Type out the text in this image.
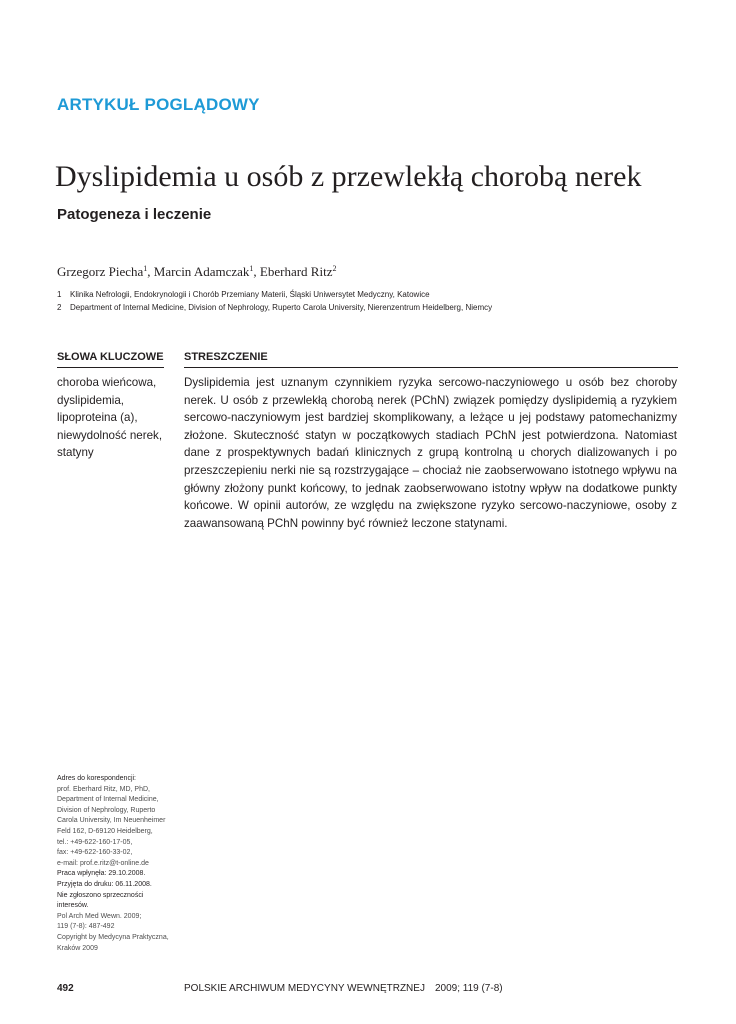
ARTYKUŁ POGLĄDOWY
Dyslipidemia u osób z przewlekłą chorobą nerek
Patogeneza i leczenie
Grzegorz Piecha$^1$, Marcin Adamczak$^1$, Eberhard Ritz$^2$
1 Klinika Nefrologii, Endokrynologii i Chorób Przemiany Materii, Śląski Uniwersytet Medyczny, Katowice
2 Department of Internal Medicine, Division of Nephrology, Ruperto Carola University, Nierenzentrum Heidelberg, Niemcy
SŁOWA KLUCZOWE STRESZCZENIE
choroba wieńcowa,
dyslipidemia,
lipoproteina (a),
niewydolność nerek,
statyny

Dyslipidemia jest uznanym czynnikiem ryzyka sercowo-naczyniowego u osób bez choroby nerek. U osób z przewlekłą chorobą nerek (PChN) związek pomiędzy dyslipidemią a ryzykiem sercowo-naczyniowym jest bardziej skomplikowany, a leżące u jej podstawy patomechanizmy złożone. Skuteczność statyn w początkowych stadiach PChN jest potwierdzona. Natomiast dane z prospektywnych badań klinicznych z grupą kontrolną u chorych dializowanych i po przeszczepieniu nerki nie są rozstrzygające – chociaż nie zaobserwowano istotnego wpływu na główny złożony punkt końcowy, to jednak zaobserwowano istotny wpływ na dodatkowe punkty końcowe. W opinii autorów, ze względu na zwiększone ryzyko sercowo-naczyniowe, osoby z zaawansowaną PChN powinny być również leczone statynami.

Adres do korespondencji:
prof. Eberhard Ritz, MD, PhD,
Department of Internal Medicine,
Division of Nephrology, Ruperto
Carola University, Im Neuenheimer
Feld 162, D-69120 Heidelberg,
tel.: +49-622-160-17-05,
fax: +49-622-160-33-02,
e-mail: prof.e.ritz@t-online.de
Praca wpłynęła: 29.10.2008.
Przyjęta do druku: 06.11.2008.
Nie zgłoszono sprzeczności
interesów.
Pol Arch Med Wewn. 2009;
119 (7-8): 487-492
Copyright by Medycyna Praktyczna,
Kraków 2009
492	POLSKIE ARCHIWUM MEDYCYNY WEWNĘTRZNEJ 2009; 119 (7-8)
